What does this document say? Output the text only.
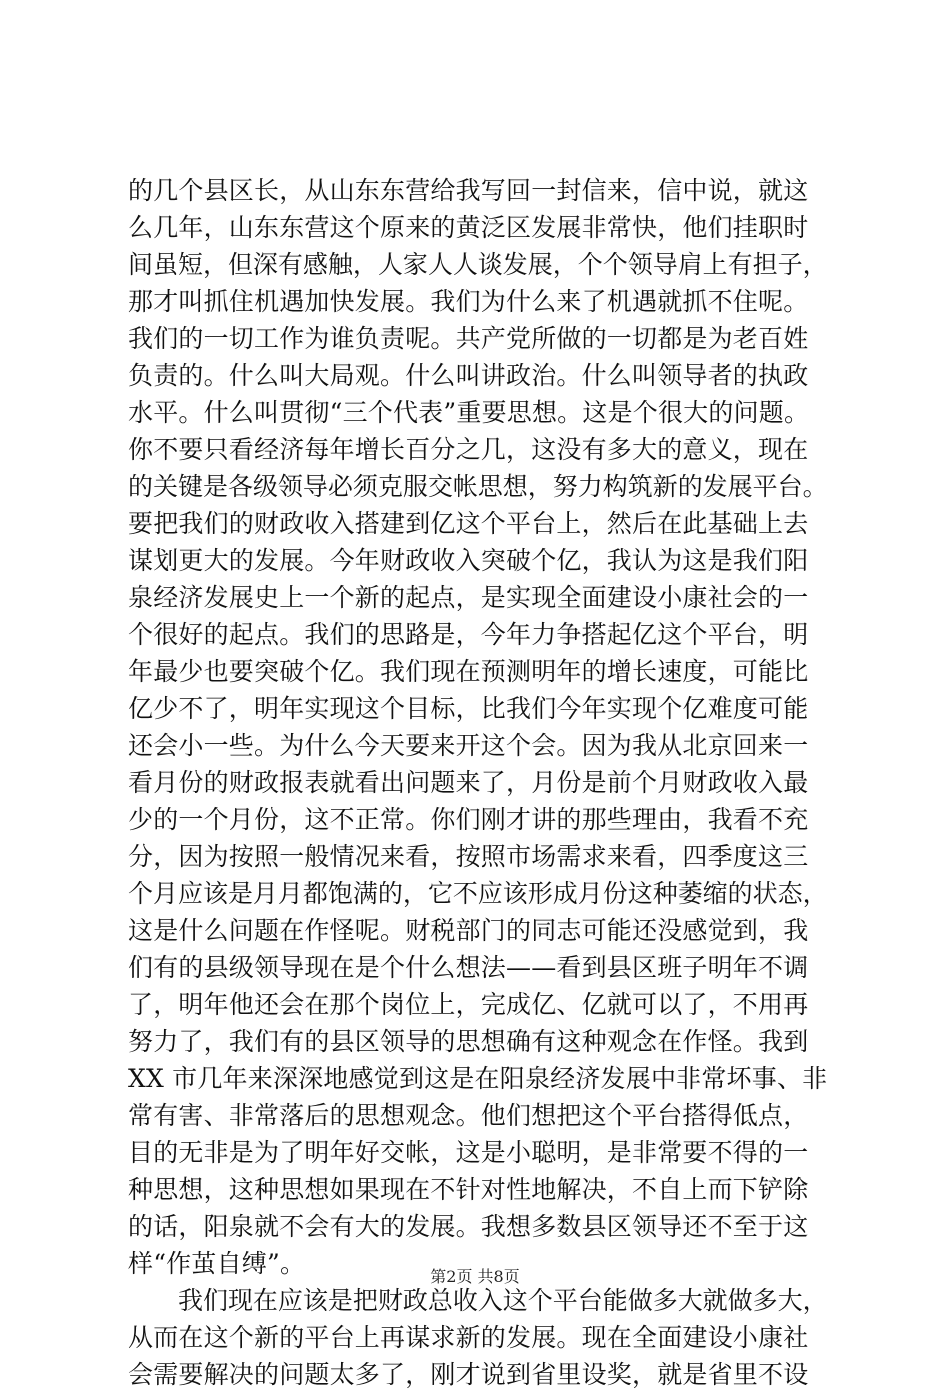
的几个县区长，从山东东营给我写回一封信来，信中说，就这
么几年，山东东营这个原来的黄泛区发展非常快，他们挂职时
间虽短，但深有感触，人家人人谈发展，个个领导肩上有担子，
那才叫抓住机遇加快发展。我们为什么来了机遇就抓不住呢。
我们的一切工作为谁负责呢。共产党所做的一切都是为老百姓
负责的。什么叫大局观。什么叫讲政治。什么叫领导者的执政
水平。什么叫贯彻“三个代表”重要思想。这是个很大的问题。
你不要只看经济每年增长百分之几，这没有多大的意义，现在
的关键是各级领导必须克服交帐思想，努力构筑新的发展平台。
要把我们的财政收入搭建到亿这个平台上，然后在此基础上去
谋划更大的发展。今年财政收入突破个亿，我认为这是我们阳
泉经济发展史上一个新的起点，是实现全面建设小康社会的一
个很好的起点。我们的思路是，今年力争搭起亿这个平台，明
年最少也要突破个亿。我们现在预测明年的增长速度，可能比
亿少不了，明年实现这个目标，比我们今年实现个亿难度可能
还会小一些。为什么今天要来开这个会。因为我从北京回来一
看月份的财政报表就看出问题来了，月份是前个月财政收入最
少的一个月份，这不正常。你们刚才讲的那些理由，我看不充
分，因为按照一般情况来看，按照市场需求来看，四季度这三
个月应该是月月都饱满的，它不应该形成月份这种萎缩的状态，
这是什么问题在作怪呢。财税部门的同志可能还没感觉到，我
们有的县级领导现在是个什么想法——看到县区班子明年不调
了，明年他还会在那个岗位上，完成亿、亿就可以了，不用再
努力了，我们有的县区领导的思想确有这种观念在作怪。我到
XX 市几年来深深地感觉到这是在阳泉经济发展中非常坏事、非
常有害、非常落后的思想观念。他们想把这个平台搭得低点，
目的无非是为了明年好交帐，这是小聪明，是非常要不得的一
种思想，这种思想如果现在不针对性地解决，不自上而下铲除
的话，阳泉就不会有大的发展。我想多数县区领导还不至于这
样“作茧自缚”。
　　我们现在应该是把财政总收入这个平台能做多大就做多大，
从而在这个新的平台上再谋求新的发展。现在全面建设小康社
会需要解决的问题太多了，刚才说到省里设奖，就是省里不设
第2页 共8页
